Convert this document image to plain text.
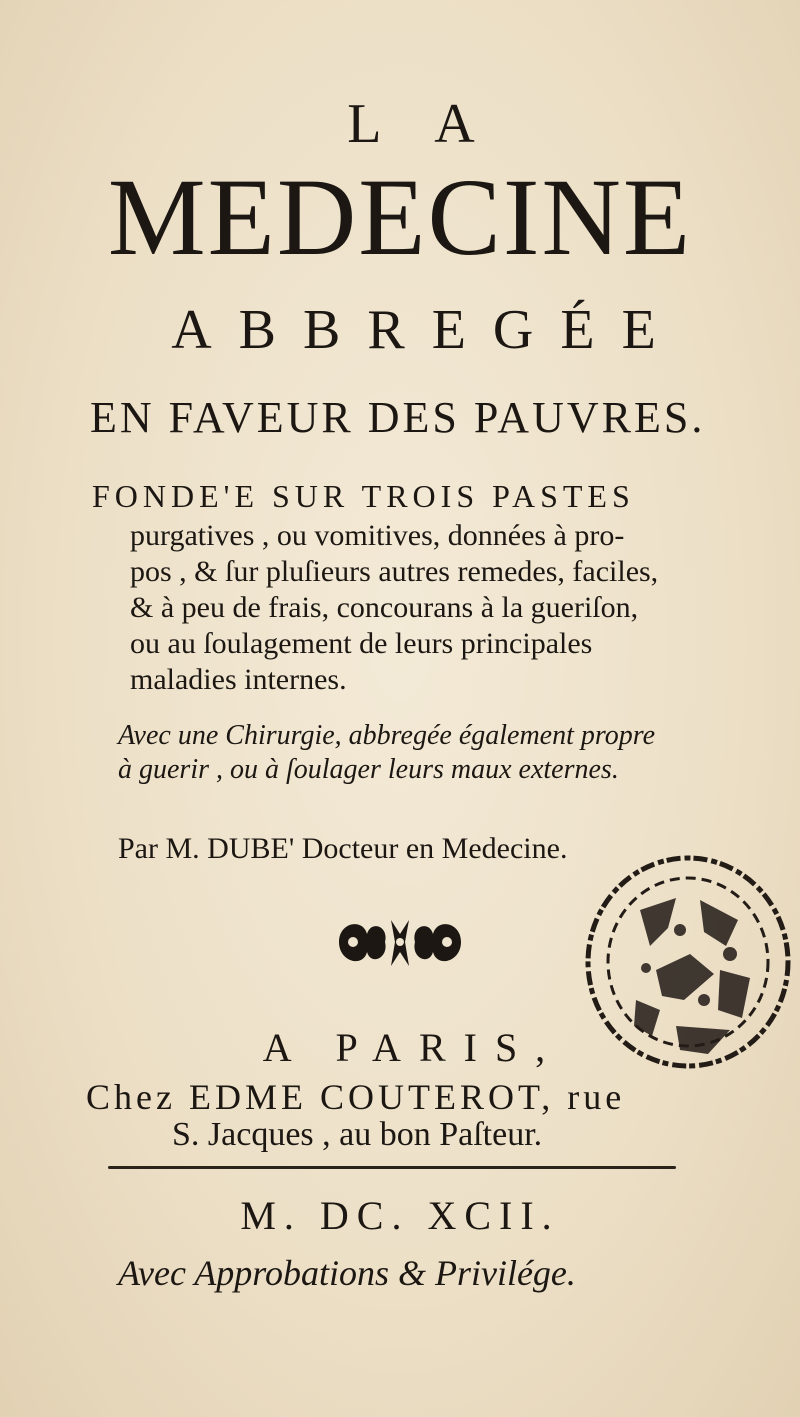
L A
MEDECINE
ABBREGÉE
EN FAVEUR DES PAUVRES.
FONDE'E SUR TROIS PASTES
purgatives , ou vomitives, données à pro-
pos , & ſur pluſieurs autres remedes, faciles,
& à peu de frais, concourans à la gueriſon,
ou au ſoulagement de leurs principales
maladies internes.
Avec une Chirurgie, abbregée également propre
à guerir , ou à ſoulager leurs maux externes.
Par M. DUBE' Docteur en Medecine.
A PARIS,
Chez EDME COUTEROT, rue
S. Jacques , au bon Paſteur.
M. DC. XCII.
Avec Approbations & Privilége.
